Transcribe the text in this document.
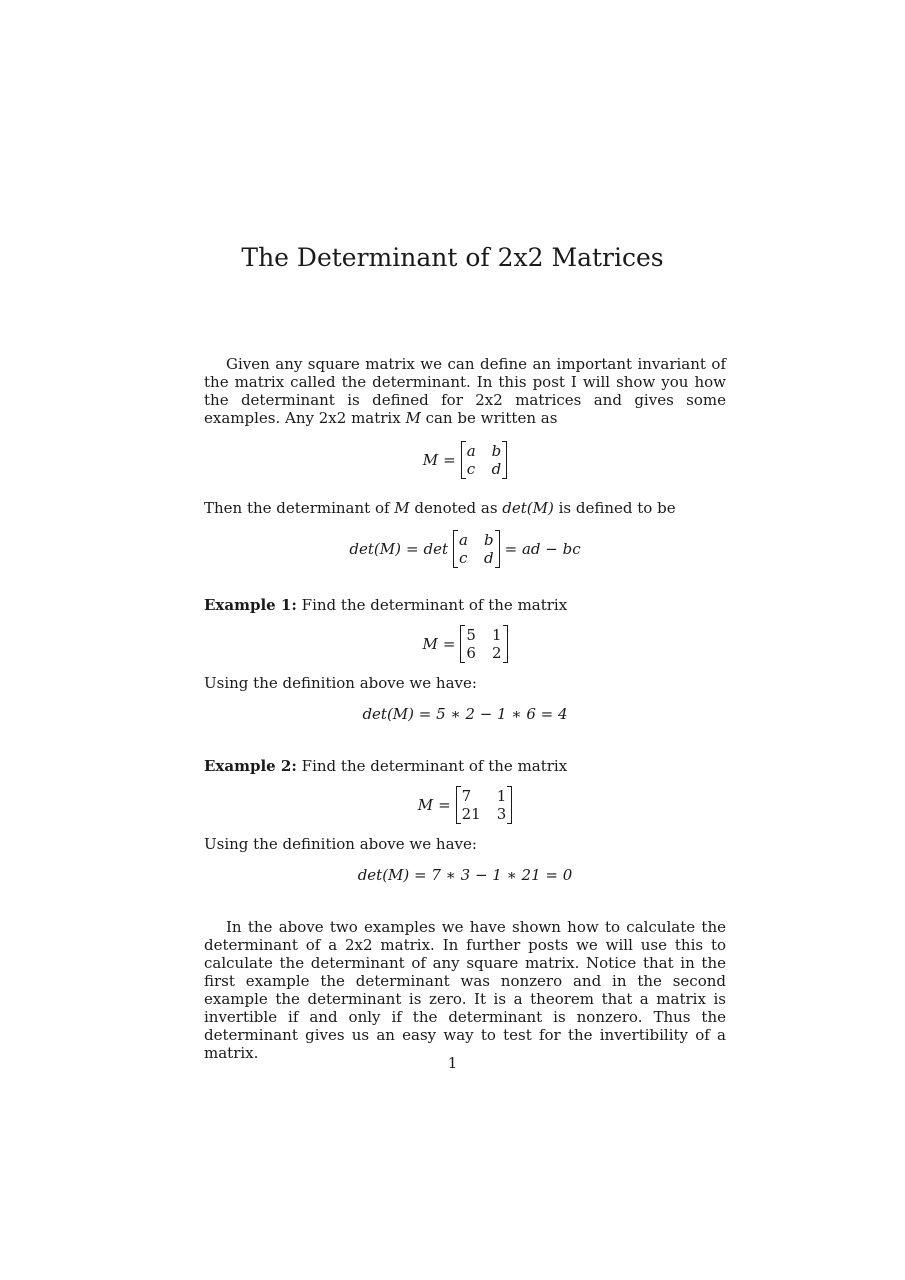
The Determinant of 2x2 Matrices

Given any square matrix we can define an important invariant of the matrix called the determinant. In this post I will show you how the determinant is defined for 2x2 matrices and gives some examples. Any 2x2 matrix M can be written as

M = a b
c d

Then the determinant of M denoted as det(M) is defined to be

det(M) = det a b
c d = ad − bc

Example 1: Find the determinant of the matrix

M = 5 1
6 2

Using the definition above we have:

det(M) = 5 ∗ 2 − 1 ∗ 6 = 4

Example 2: Find the determinant of the matrix

M = 7	1
21 3

Using the definition above we have:

det(M) = 7 ∗ 3 − 1 ∗ 21 = 0

In the above two examples we have shown how to calculate the determinant of a 2x2 matrix. In further posts we will use this to calculate the determinant of any square matrix. Notice that in the first example the determinant was nonzero and in the second example the determinant is zero. It is a theorem that a matrix is invertible if and only if the determinant is nonzero. Thus the determinant gives us an easy way to test for the invertibility of a matrix.

1
